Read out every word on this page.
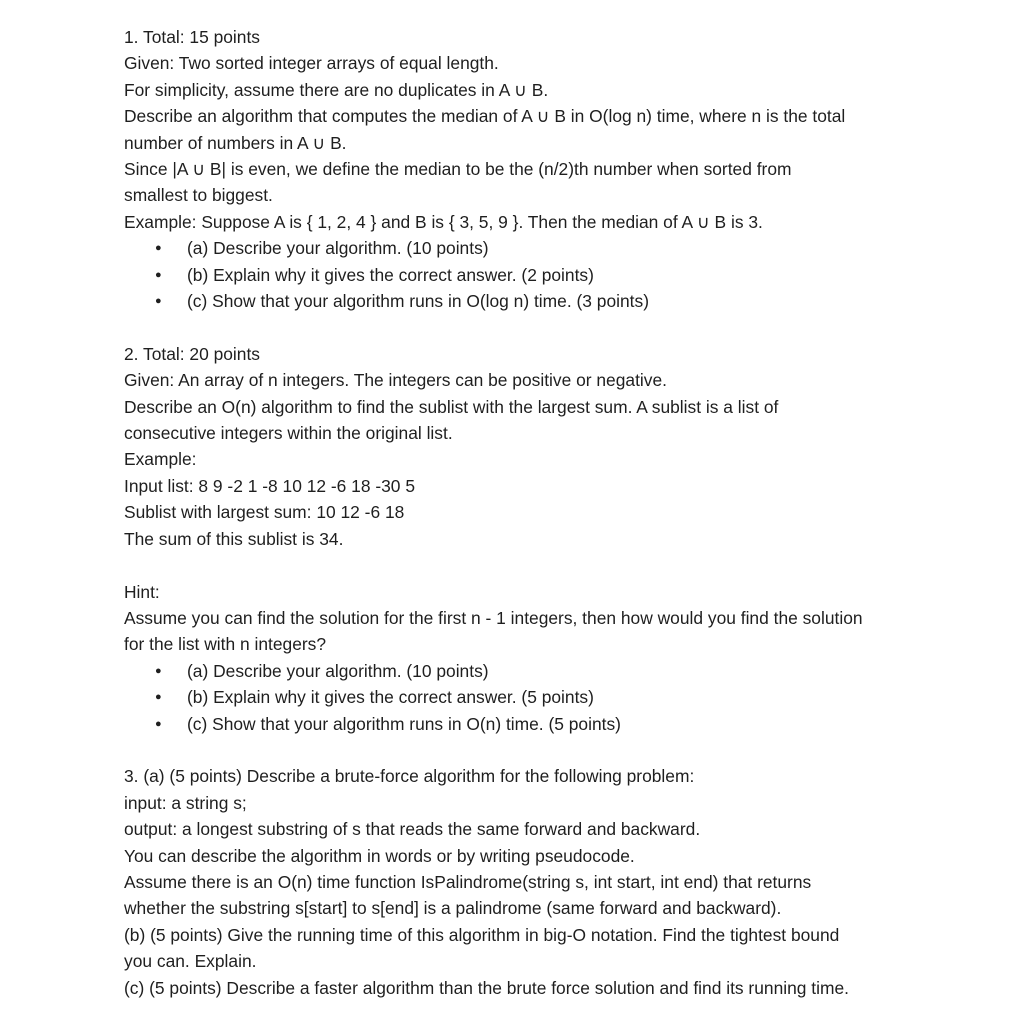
1. Total: 15 points
Given: Two sorted integer arrays of equal length.
For simplicity, assume there are no duplicates in A ∪ B.
Describe an algorithm that computes the median of A ∪ B in O(log n) time, where n is the total
number of numbers in A ∪ B.
Since |A ∪ B| is even, we define the median to be the (n/2)th number when sorted from
smallest to biggest.
Example: Suppose A is { 1, 2, 4 } and B is { 3, 5, 9 }. Then the median of A ∪ B is 3.
● (a) Describe your algorithm. (10 points)
● (b) Explain why it gives the correct answer. (2 points)
● (c) Show that your algorithm runs in O(log n) time. (3 points)
2. Total: 20 points
Given: An array of n integers. The integers can be positive or negative.
Describe an O(n) algorithm to find the sublist with the largest sum. A sublist is a list of
consecutive integers within the original list.
Example:
Input list: 8 9 -2 1 -8 10 12 -6 18 -30 5
Sublist with largest sum: 10 12 -6 18
The sum of this sublist is 34.
Hint:
Assume you can find the solution for the first n - 1 integers, then how would you find the solution
for the list with n integers?
● (a) Describe your algorithm. (10 points)
● (b) Explain why it gives the correct answer. (5 points)
● (c) Show that your algorithm runs in O(n) time. (5 points)
3. (a) (5 points) Describe a brute-force algorithm for the following problem:
input: a string s;
output: a longest substring of s that reads the same forward and backward.
You can describe the algorithm in words or by writing pseudocode.
Assume there is an O(n) time function IsPalindrome(string s, int start, int end) that returns
whether the substring s[start] to s[end] is a palindrome (same forward and backward).
(b) (5 points) Give the running time of this algorithm in big-O notation. Find the tightest bound
you can. Explain.
(c) (5 points) Describe a faster algorithm than the brute force solution and find its running time.
